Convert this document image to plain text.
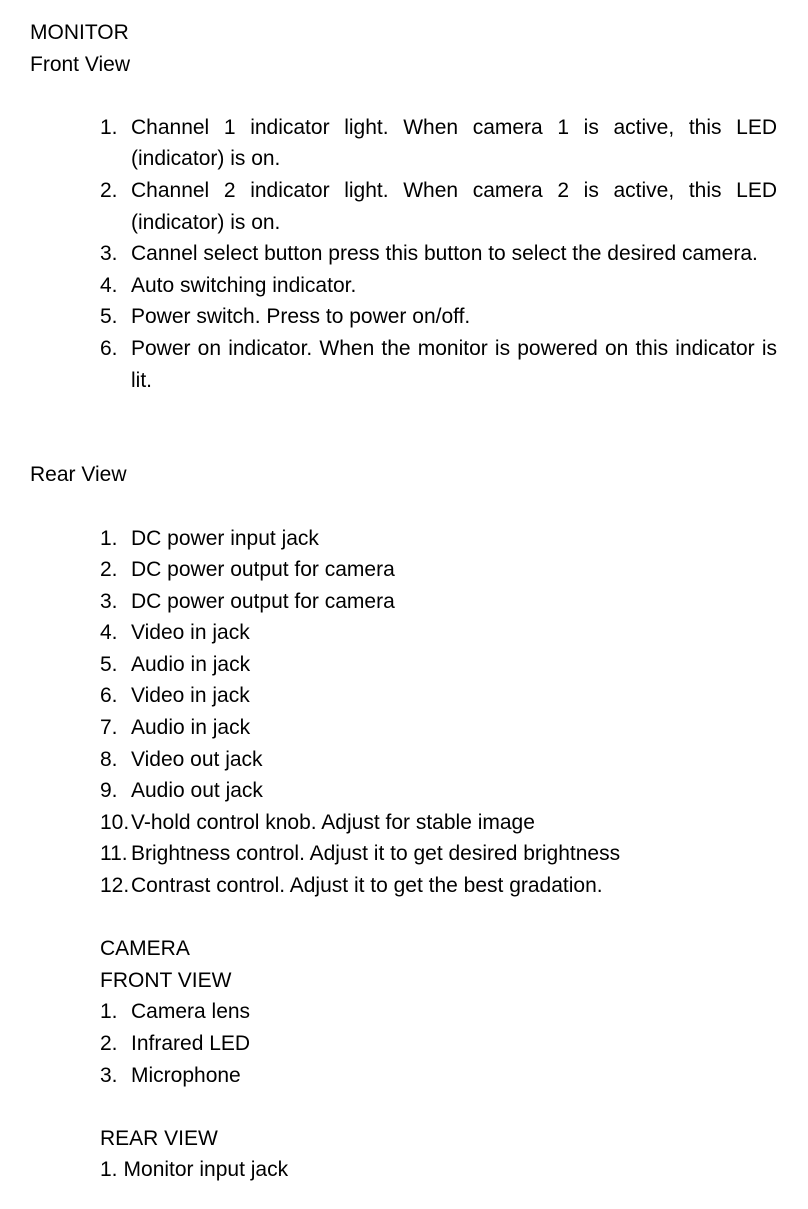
MONITOR
Front View
1. Channel 1 indicator light. When camera 1 is active, this LED (indicator) is on.
2. Channel 2 indicator light. When camera 2 is active, this LED (indicator) is on.
3. Cannel select button press this button to select the desired camera.
4. Auto switching indicator.
5. Power switch. Press to power on/off.
6. Power on indicator. When the monitor is powered on this indicator is lit.
Rear View
1. DC power input jack
2. DC power output for camera
3. DC power output for camera
4. Video in jack
5. Audio in jack
6. Video in jack
7. Audio in jack
8. Video out jack
9. Audio out jack
10. V-hold control knob. Adjust for stable image
11. Brightness control. Adjust it to get desired brightness
12. Contrast control. Adjust it to get the best gradation.
CAMERA
FRONT VIEW
1. Camera lens
2. Infrared LED
3. Microphone
REAR VIEW
1. Monitor input jack
